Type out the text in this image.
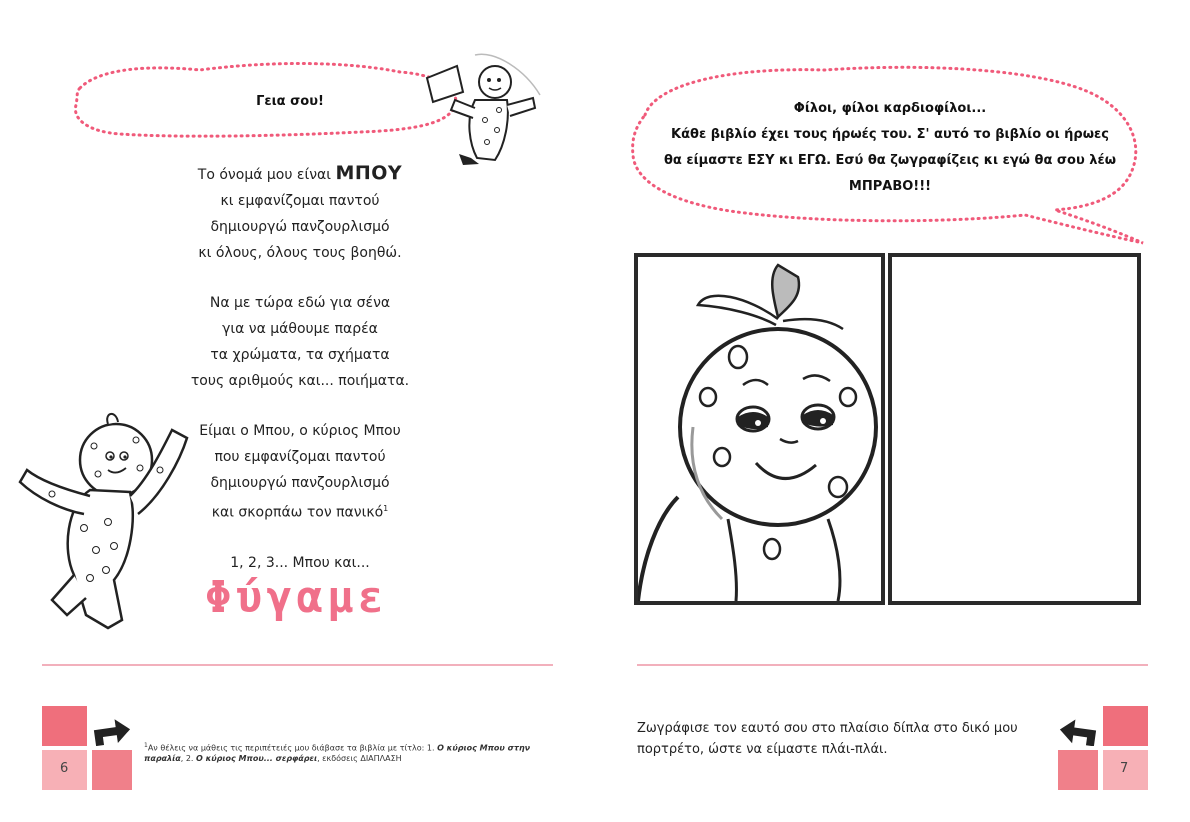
Γεια σου!

Το όνομά μου είναι ΜΠΟΥ
κι εμφανίζομαι παντού
δημιουργώ πανζουρλισμό
κι όλους, όλους τους βοηθώ.

Να με τώρα εδώ για σένα
για να μάθουμε παρέα
τα χρώματα, τα σχήματα
τους αριθμούς και... ποιήματα.

Είμαι ο Μπου, ο κύριος Μπου
που εμφανίζομαι παντού
δημιουργώ πανζουρλισμό
και σκορπάω τον πανικό$^1$

1, 2, 3... Μπου και...

Φύγαμε
6
$^1$Αν θέλεις να μάθεις τις περιπέτειές μου διάβασε τα βιβλία με τίτλο: 1. Ο κύριος Μπου στην παραλία, 2. Ο κύριος Μπου... σερφάρει, εκδόσεις ΔΙΑΠΛΑΣΗ
Φίλοι, φίλοι καρδιοφίλοι...
Κάθε βιβλίο έχει τους ήρωές του. Σ' αυτό το βιβλίο οι ήρωες
θα είμαστε ΕΣΥ κι ΕΓΩ. Εσύ θα ζωγραφίζεις κι εγώ θα σου λέω
ΜΠΡΑΒΟ!!!
Ζωγράφισε τον εαυτό σου στο πλαίσιο δίπλα στο δικό μου
πορτρέτο, ώστε να είμαστε πλάι-πλάι.
7
